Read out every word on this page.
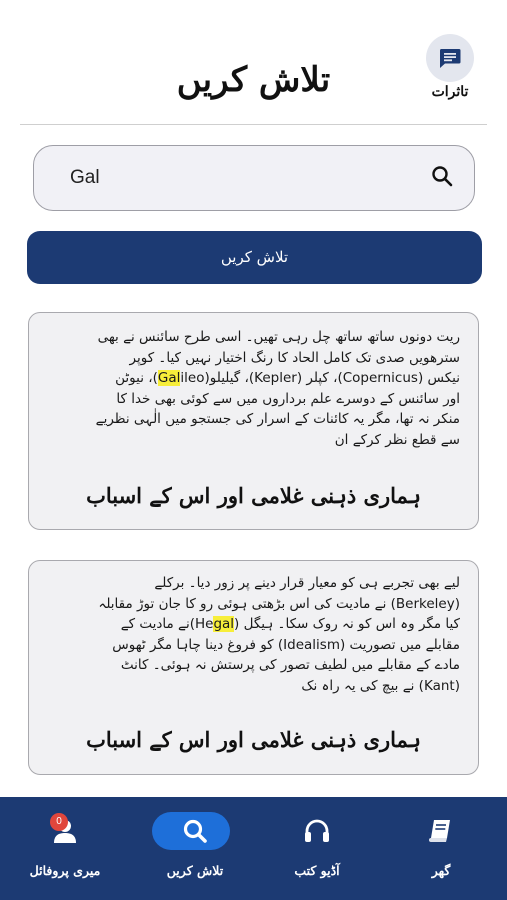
تلاش کریں	تاثرات
Gal
تلاش کریں
ریت دونوں ساتھ ساتھ چل رہی تھیں۔ اسی طرح سائنس نے بھی
سترھویں صدی تک کامل الحاد کا رنگ اختیار نہیں کیا۔ کوپر
نیکس (Copernicus)، کپلر (Kepler)، گیلیلو(Galileo)، نیوٹن
اور سائنس کے دوسرے علم برداروں میں سے کوئی بھی خدا کا
منکر نہ تھا، مگر یہ کائنات کے اسرار کی جستجو میں الٰہی نظریے
سے قطع نظر کرکے ان
ہماری ذہنی غلامی اور اس کے اسباب
لیے بھی تجربے ہی کو معیار قرار دینے پر زور دیا۔ برکلے
(Berkeley) نے مادیت کی اس بڑھتی ہوئی رو کا جان توڑ مقابلہ
کیا مگر وہ اس کو نہ روک سکا۔ ہیگل (Hegal)نے مادیت کے
مقابلے میں تصوریت (Idealism) کو فروغ دینا چاہا مگر ٹھوس
مادے کے مقابلے میں لطیف تصور کی پرستش نہ ہوئی۔ کانٹ
(Kant) نے بیچ کی یہ راہ نک
ہماری ذہنی غلامی اور اس کے اسباب
0
میری پروفائل	تلاش کریں	آڈیو کتب	گھر
